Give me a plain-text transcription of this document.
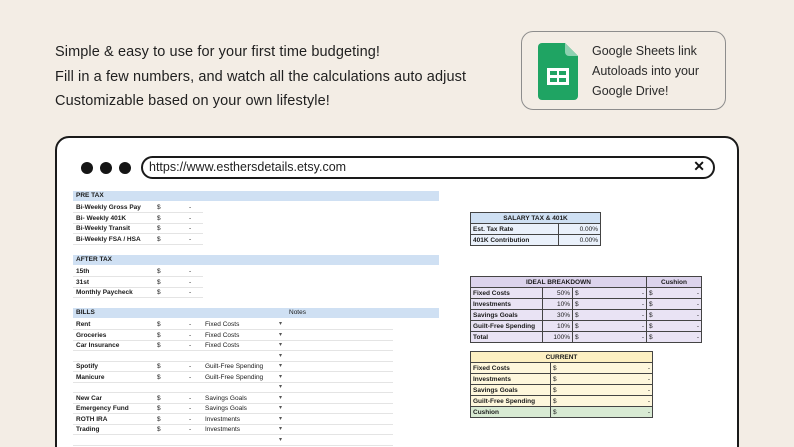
Simple & easy to use for your first time budgeting!
Fill in a few numbers, and watch all the calculations auto adjust
Customizable based on your own lifestyle!
Google Sheets link
Autoloads into your
Google Drive!
https://www.esthersdetails.etsy.com	✕
PRE TAX
Bi-Weekly Gross Pay $	-
Bi- Weekly 401K	$	-
Bi-Weekly Transit	$	-
Bi-Weekly FSA / HSA	$	-
AFTER TAX
15th	$	-
31st	$	-
Monthly Paycheck	$	-
BILLS	Notes
Rent	$	- Fixed Costs	▾
Groceries	$	- Fixed Costs	▾
Car Insurance	$	- Fixed Costs	▾
▾
Spotify	$	- Guilt-Free Spending	▾
Manicure	$	- Guilt-Free Spending	▾
▾
New Car	$	- Savings Goals	▾
Emergency Fund	$	- Savings Goals	▾
ROTH IRA	$	- Investments	▾
Trading	$	- Investments	▾
▾
SALARY TAX & 401K	
Est. Tax Rate	0.00%
401K Contribution	0.00%
IDEAL BREAKDOWN				Cushion	
Fixed Costs	50%	$	-	$	-
Investments	10%	$	-	$	-
Savings Goals	30%	$	-	$	-
Guilt-Free Spending	10%	$	-	$	-
Total	100%	$	-	$	-
CURRENT		
Fixed Costs	$	-
Investments	$	-
Savings Goals	$	-
Guilt-Free Spending	$	-
Cushion	$	-
